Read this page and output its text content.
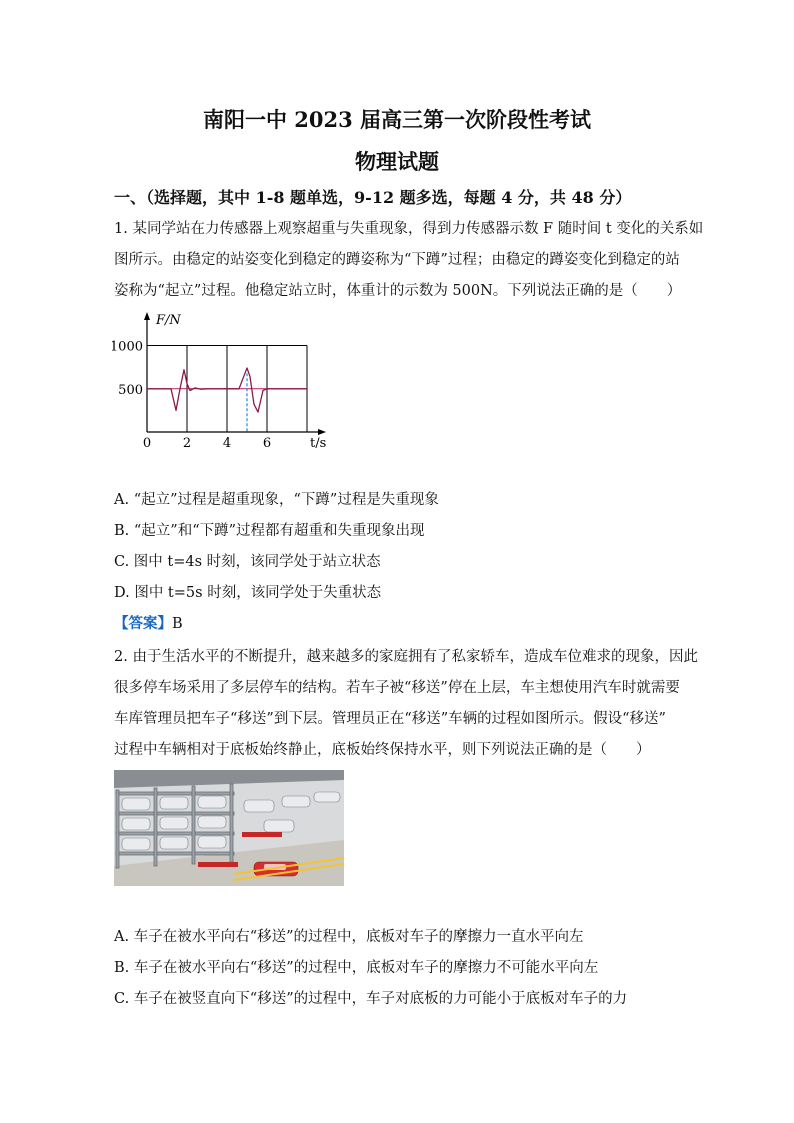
南阳一中 2023 届高三第一次阶段性考试
物理试题
一、（选择题，其中 1-8 题单选，9-12 题多选，每题 4 分，共 48 分）
1. 某同学站在力传感器上观察超重与失重现象，得到力传感器示数 F 随时间 t 变化的关系如
图所示。由稳定的站姿变化到稳定的蹲姿称为“下蹲”过程；由稳定的蹲姿变化到稳定的站
姿称为“起立”过程。他稳定站立时，体重计的示数为 500N。下列说法正确的是（　　）
F/N
t/s
1000
500
0 2 4 6
A. “起立”过程是超重现象，“下蹲”过程是失重现象
B. “起立”和“下蹲”过程都有超重和失重现象出现
C. 图中 t=4s 时刻，该同学处于站立状态
D. 图中 t=5s 时刻，该同学处于失重状态
【答案】B
2. 由于生活水平的不断提升，越来越多的家庭拥有了私家轿车，造成车位难求的现象，因此
很多停车场采用了多层停车的结构。若车子被“移送”停在上层，车主想使用汽车时就需要
车库管理员把车子“移送”到下层。管理员正在“移送”车辆的过程如图所示。假设“移送”
过程中车辆相对于底板始终静止，底板始终保持水平，则下列说法正确的是（　　）
A. 车子在被水平向右“移送”的过程中，底板对车子的摩擦力一直水平向左
B. 车子在被水平向右“移送”的过程中，底板对车子的摩擦力不可能水平向左
C. 车子在被竖直向下“移送”的过程中，车子对底板的力可能小于底板对车子的力
